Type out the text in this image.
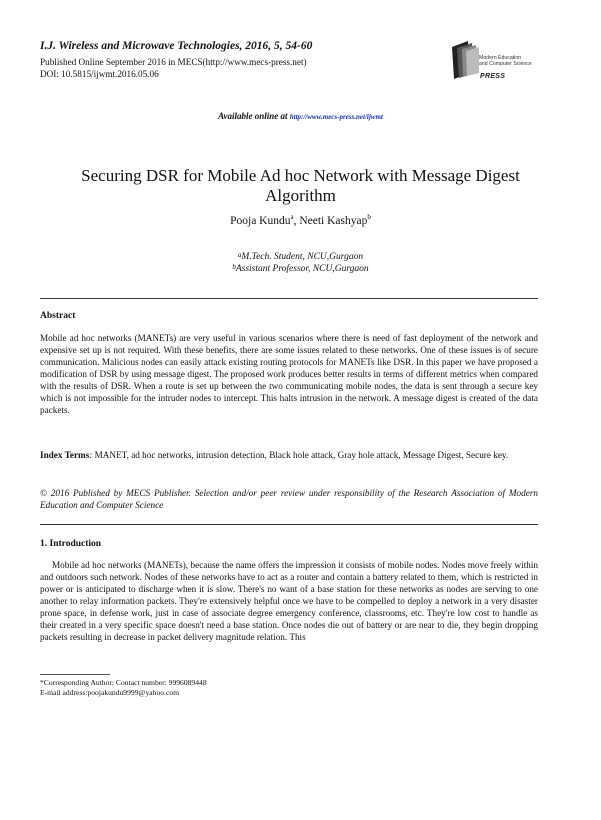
I.J. Wireless and Microwave Technologies, 2016, 5, 54-60
Published Online September 2016 in MECS(http://www.mecs-press.net)
DOI: 10.5815/ijwmt.2016.05.06
Modern Education
and Computer Science
PRESS
Available online at http://www.mecs-press.net/ijwmt
Securing DSR for Mobile Ad hoc Network with Message Digest Algorithm
Pooja Kundu$^a$, Neeti Kashyap$^b$
$^a$M.Tech. Student, NCU,Gurgaon
$^b$Assistant Professor, NCU,Gurgaon
Abstract

Mobile ad hoc networks (MANETs) are very useful in various scenarios where there is need of fast deployment of the network and expensive set up is not required. With these benefits, there are some issues related to these networks. One of these issues is of secure communication. Malicious nodes can easily attack existing routing protocols for MANETs like DSR. In this paper we have proposed a modification of DSR by using message digest. The proposed work produces better results in terms of different metrics when compared with the results of DSR. When a route is set up between the two communicating mobile nodes, the data is sent through a secure key which is not impossible for the intruder nodes to intercept. This halts intrusion in the network. A message digest is created of the data packets.

Index Terms: MANET, ad hoc networks, intrusion detection, Black hole attack, Gray hole attack, Message Digest, Secure key.

© 2016 Published by MECS Publisher. Selection and/or peer review under responsibility of the Research Association of Modern Education and Computer Science

1. Introduction

Mobile ad hoc networks (MANETs), because the name offers the impression it consists of mobile nodes. Nodes move freely within and outdoors such network. Nodes of these networks have to act as a router and contain a battery related to them, which is restricted in power or is anticipated to discharge when it is slow. There's no want of a base station for these networks as nodes are serving to one another to relay information packets. They're extensively helpful once we have to be compelled to deploy a network in a very disaster prone space, in defense work, just in case of associate degree emergency conference, classrooms, etc. They're low cost to handle as their created in a very specific space doesn't need a base station. Once nodes die out of battery or are near to die, they begin dropping packets resulting in decrease in packet delivery magnitude relation. This

*Corresponding Author: Contact number: 9996089448
E-mail address:poojakundu9999@yahoo.com
